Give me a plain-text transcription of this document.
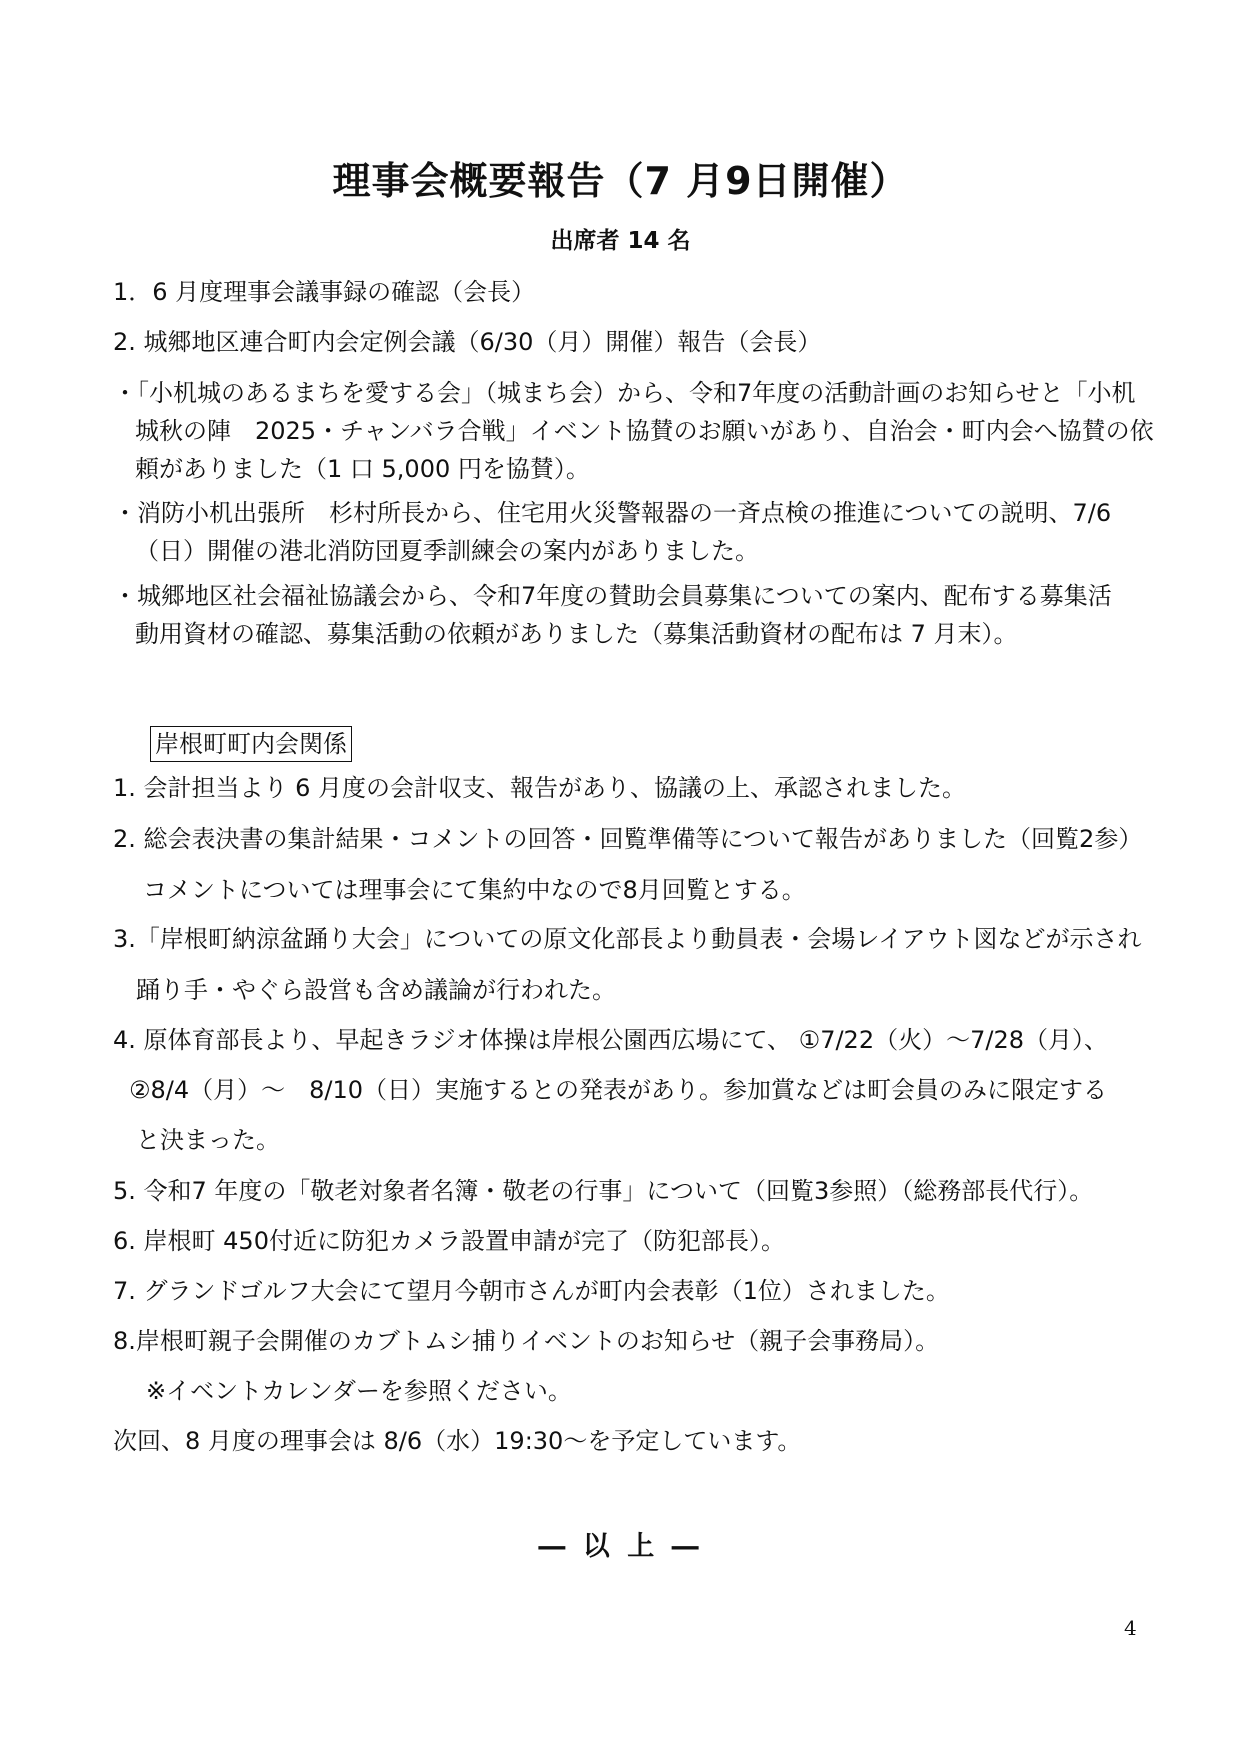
理事会概要報告（7 月9日開催）
出席者 14 名
1．6 月度理事会議事録の確認（会長）
2. 城郷地区連合町内会定例会議（6/30（月）開催）報告（会長）
・「小机城のあるまちを愛する会」（城まち会）から、令和7年度の活動計画のお知らせと「小机
城秋の陣　2025・チャンバラ合戦」イベント協賛のお願いがあり、自治会・町内会へ協賛の依
頼がありました（1 口 5,000 円を協賛）。
・消防小机出張所　杉村所長から、住宅用火災警報器の一斉点検の推進についての説明、7/6
（日）開催の港北消防団夏季訓練会の案内がありました。
・城郷地区社会福祉協議会から、令和7年度の賛助会員募集についての案内、配布する募集活
動用資材の確認、募集活動の依頼がありました（募集活動資材の配布は 7 月末）。
岸根町町内会関係
1. 会計担当より 6 月度の会計収支、報告があり、協議の上、承認されました。
2. 総会表決書の集計結果・コメントの回答・回覧準備等について報告がありました（回覧2参）
コメントについては理事会にて集約中なので8月回覧とする。
3.「岸根町納涼盆踊り大会」についての原文化部長より動員表・会場レイアウト図などが示され
踊り手・やぐら設営も含め議論が行われた。
4. 原体育部長より、早起きラジオ体操は岸根公園西広場にて、 ①7/22（火）～7/28（月）、
②8/4（月）～　8/10（日）実施するとの発表があり。参加賞などは町会員のみに限定する
と決まった。
5. 令和7 年度の「敬老対象者名簿・敬老の行事」について（回覧3参照）（総務部長代行）。
6. 岸根町 450付近に防犯カメラ設置申請が完了（防犯部長）。
7. グランドゴルフ大会にて望月今朝市さんが町内会表彰（1位）されました。
8.岸根町親子会開催のカブトムシ捕りイベントのお知らせ（親子会事務局）。
※イベントカレンダーを参照ください。
次回、8 月度の理事会は 8/6（水）19:30～を予定しています。
― 以 上 ―
4
